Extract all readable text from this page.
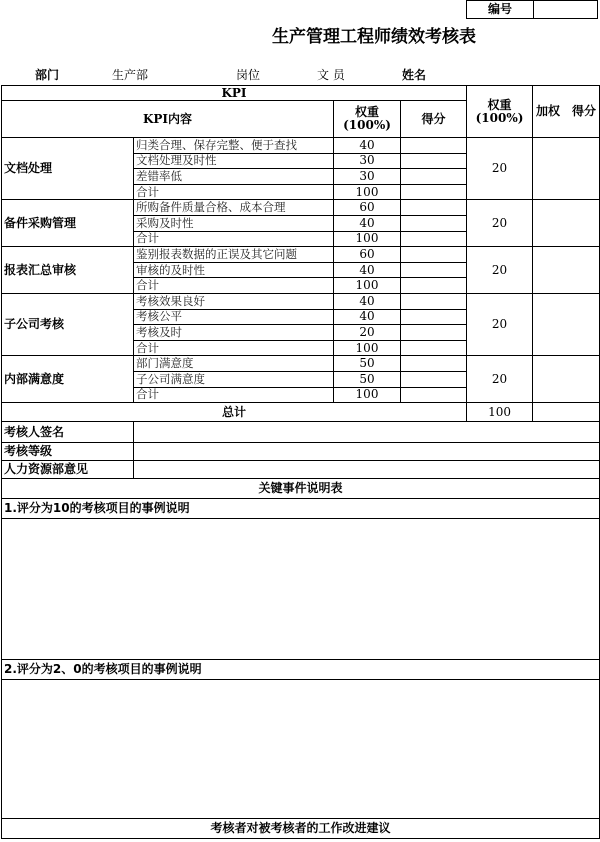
编号
生产管理工程师绩效考核表
部门	生产部	岗位	文 员	姓名
KPI				权重
(100%)	加权　得分
KPI内容		权重
(100%)	得分		
文档处理	归类合理、保存完整、便于查找	40		20	
	文档处理及时性	30			
	差错率低	30			
	合计	100			
备件采购管理	所购备件质量合格、成本合理	60		20	
	采购及时性	40			
	合计	100			
报表汇总审核	鉴别报表数据的正误及其它问题	60		20	
	审核的及时性	40			
	合计	100			
子公司考核	考核效果良好	40		20	
	考核公平	40			
	考核及时	20			
	合计	100			
内部满意度	部门满意度	50		20	
	子公司满意度	50			
	合计	100			
总计				100	
考核人签名					
考核等级					
人力资源部意见					
关键事件说明表					
1.评分为10的考核项目的事例说明					

2.评分为2、0的考核项目的事例说明					

考核者对被考核者的工作改进建议					
